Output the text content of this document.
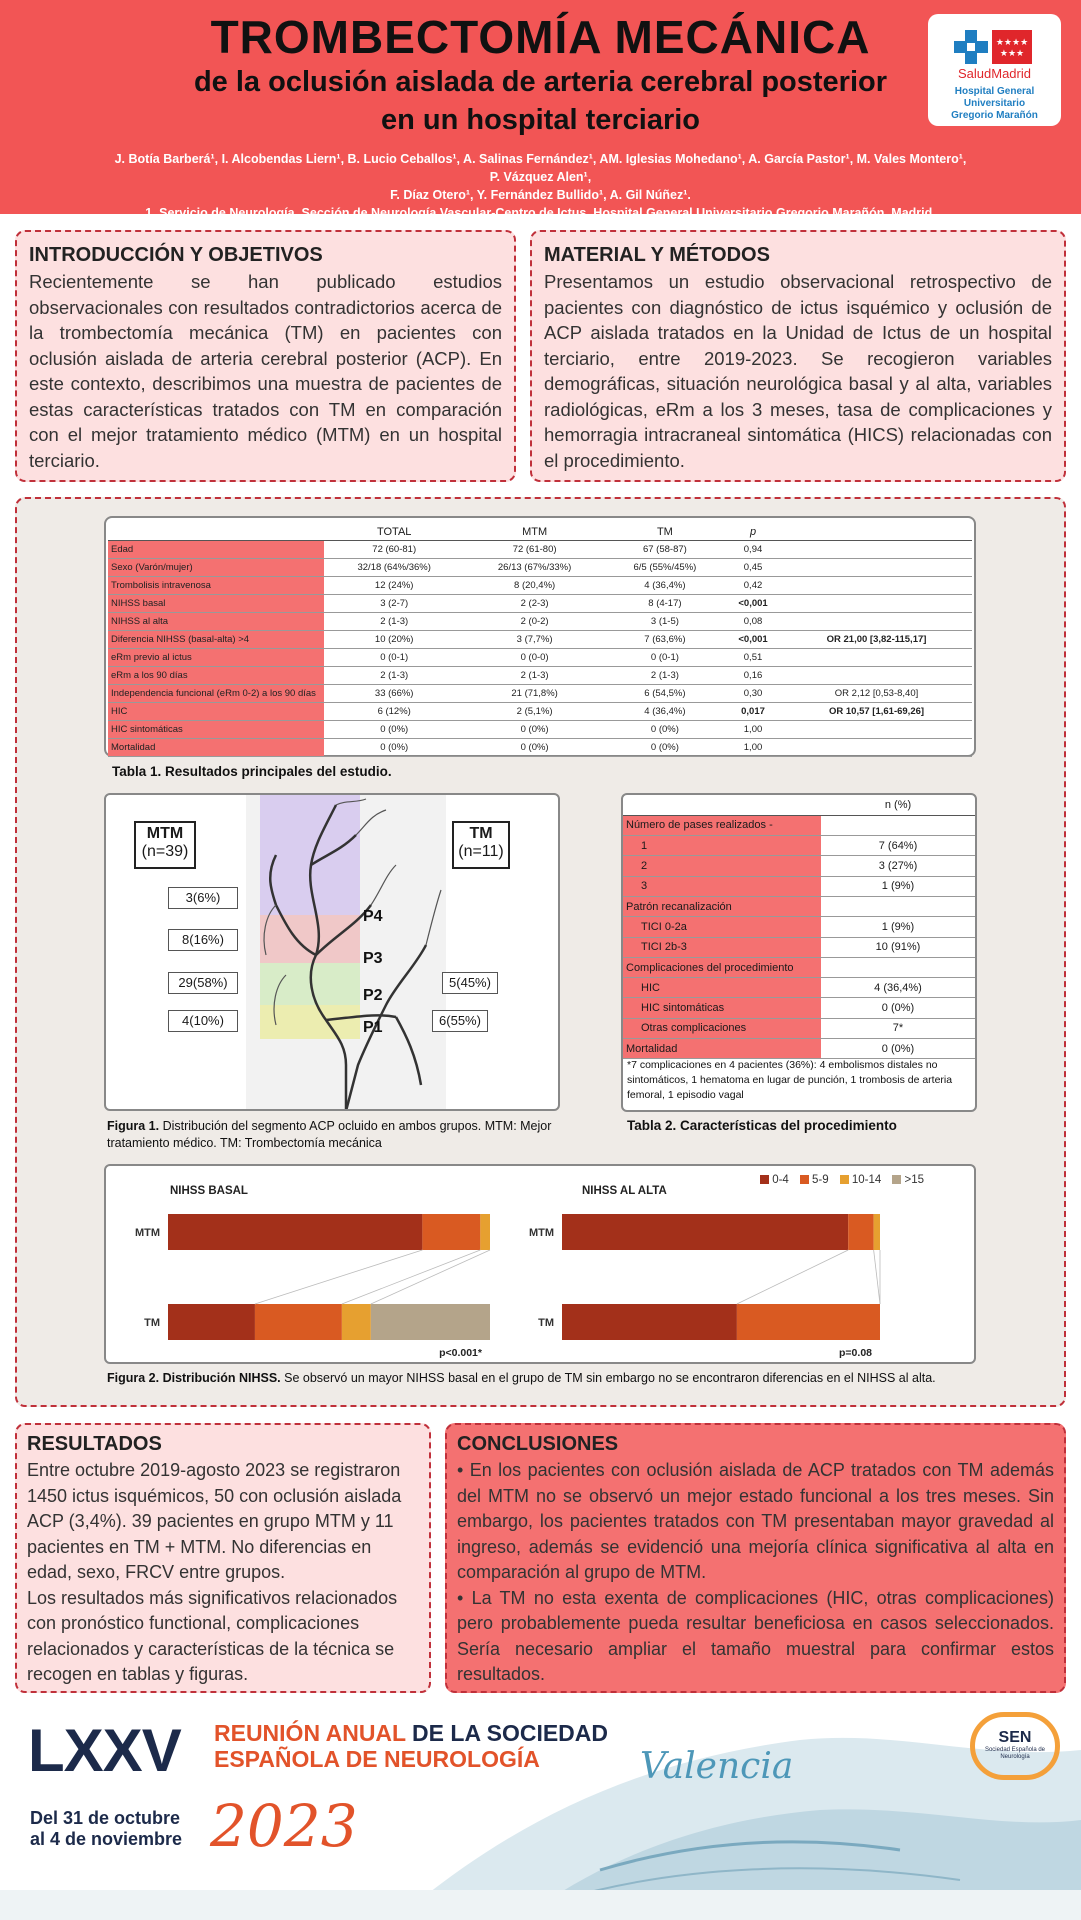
TROMBECTOMÍA MECÁNICA
de la oclusión aislada de arteria cerebral posterior
en un hospital terciario
J. Botía Barberá¹, I. Alcobendas Liern¹, B. Lucio Ceballos¹, A. Salinas Fernández¹, AM. Iglesias Mohedano¹, A. García Pastor¹, M. Vales Montero¹, P. Vázquez Alen¹,
F. Díaz Otero¹, Y. Fernández Bullido¹, A. Gil Núñez¹.
1. Servicio de Neurología. Sección de Neurología Vascular-Centro de Ictus. Hospital General Universitario Gregorio Marañón. Madrid.
★★★★
★★★
SaludMadrid
Hospital General Universitario
Gregorio Marañón
INTRODUCCIÓN Y OBJETIVOS

Recientemente se han publicado estudios observacionales con resultados contradictorios acerca de la trombectomía mecánica (TM) en pacientes con oclusión aislada de arteria cerebral posterior (ACP). En este contexto, describimos una muestra de pacientes de estas características tratados con TM en comparación con el mejor tratamiento médico (MTM) en un hospital terciario.

MATERIAL Y MÉTODOS

Presentamos un estudio observacional retrospectivo de pacientes con diagnóstico de ictus isquémico y oclusión de ACP aislada tratados en la Unidad de Ictus de un hospital terciario, entre 2019-2023. Se recogieron variables demográficas, situación neurológica basal y al alta, variables radiológicas, eRm a los 3 meses, tasa de complicaciones y hemorragia intracraneal sintomática (HICS) relacionadas con el procedimiento.

	TOTAL	MTM	TM	p	
Edad	72 (60-81)	72 (61-80)	67 (58-87)	0,94	
Sexo (Varón/mujer)	32/18 (64%/36%)	26/13 (67%/33%)	6/5 (55%/45%)	0,45	
Trombolisis intravenosa	12 (24%)	8 (20,4%)	4 (36,4%)	0,42	
NIHSS basal	3 (2-7)	2 (2-3)	8 (4-17)	<0,001	
NIHSS al alta	2 (1-3)	2 (0-2)	3 (1-5)	0,08	
Diferencia NIHSS (basal-alta) >4	10 (20%)	3 (7,7%)	7 (63,6%)	<0,001	OR 21,00 [3,82-115,17]
eRm previo al ictus	0 (0-1)	0 (0-0)	0 (0-1)	0,51	
eRm a los 90 días	2 (1-3)	2 (1-3)	2 (1-3)	0,16	
Independencia funcional (eRm 0-2) a los 90 días	33 (66%)	21 (71,8%)	6 (54,5%)	0,30	OR 2,12 [0,53-8,40]
HIC	6 (12%)	2 (5,1%)	4 (36,4%)	0,017	OR 10,57 [1,61-69,26]
HIC sintomáticas	0 (0%)	0 (0%)	0 (0%)	1,00	
Mortalidad	0 (0%)	0 (0%)	0 (0%)	1,00	
Tabla 1. Resultados principales del estudio.
P4
P3
P2
P1
MTM
(n=39)
TM
(n=11)
3(6%)
8(16%)
29(58%)
4(10%)
5(45%)
6(55%)
Figura 1. Distribución del segmento ACP ocluido en ambos grupos. MTM: Mejor tratamiento médico. TM: Trombectomía mecánica
	n (%)
Número de pases realizados -	
1	7 (64%)
2	3 (27%)
3	1 (9%)
Patrón recanalización	
TICI 0-2a	1 (9%)
TICI 2b-3	10 (91%)
Complicaciones del procedimiento	
HIC	4 (36,4%)
HIC sintomáticas	0 (0%)
Otras complicaciones	7*
Mortalidad	0 (0%)
*7 complicaciones en 4 pacientes (36%): 4 embolismos distales no sintomáticos, 1 hematoma en lugar de punción, 1 trombosis de arteria femoral, 1 episodio vagal
Tabla 2. Características del procedimiento
0-4 5-9 10-14 >15
NIHSS BASAL
MTM
TM
p<0.001*
NIHSS AL ALTA
MTM
TM
p=0.08
Figura 2. Distribución NIHSS. Se observó un mayor NIHSS basal en el grupo de TM sin embargo no se encontraron diferencias en el NIHSS al alta.
RESULTADOS

Entre octubre 2019-agosto 2023 se registraron 1450 ictus isquémicos, 50 con oclusión aislada ACP (3,4%). 39 pacientes en grupo MTM y 11 pacientes en TM + MTM. No diferencias en edad, sexo, FRCV entre grupos.

Los resultados más significativos relacionados con pronóstico functional, complicaciones relacionados y características de la técnica se recogen en tablas y figuras.

CONCLUSIONES

• En los pacientes con oclusión aislada de ACP tratados con TM además del MTM no se observó un mejor estado funcional a los tres meses. Sin embargo, los pacientes tratados con TM presentaban mayor gravedad al ingreso, además se evidenció una mejoría clínica significativa al alta en comparación al grupo de MTM.

• La TM no esta exenta de complicaciones (HIC, otras complicaciones) pero probablemente pueda resultar beneficiosa en casos seleccionados. Sería necesario ampliar el tamaño muestral para confirmar estos resultados.

LXXV REUNIÓN ANUAL DE LA SOCIEDAD
ESPAÑOLA DE NEUROLOGÍA
Del 31 de octubre
al 4 de noviembre 2023
Valencia
SEN
Sociedad Española de Neurología
